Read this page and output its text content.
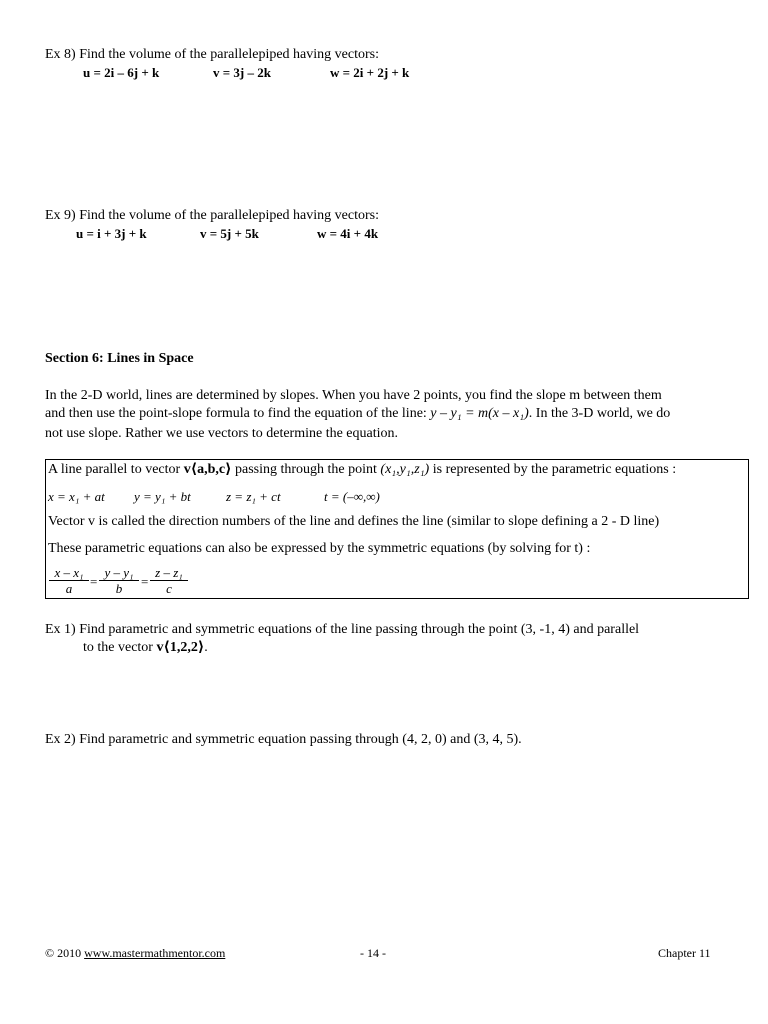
Ex 8) Find the volume of the parallelepiped having vectors:
u = 2i – 6j + k	v = 3j – 2k	w = 2i + 2j + k
Ex 9) Find the volume of the parallelepiped having vectors:
u = i + 3j + k	v = 5j + 5k	w = 4i + 4k
Section 6: Lines in Space
In the 2-D world, lines are determined by slopes. When you have 2 points, you find the slope m between them
and then use the point-slope formula to find the equation of the line: y – y₁ = m(x – x₁). In the 3-D world, we do
not use slope. Rather we use vectors to determine the equation.
A line parallel to vector v⟨a,b,c⟩ passing through the point (x₁,y₁,z₁) is represented by the parametric equations :
x = x₁ + at y = y₁ + bt	z = z₁ + ct	t = (–∞,∞)
Vector v is called the direction numbers of the line and defines the line (similar to slope defining a 2 - D line)
These parametric equations can also be expressed by the symmetric equations (by solving for t) :
$\frac{\text{x – x₁}}{a} = \frac{\text{y – y₁}}{b} = \frac{\text{z – z₁}}{c}$
Ex 1) Find parametric and symmetric equations of the line passing through the point (3, -1, 4) and parallel
to the vector v⟨1,2,2⟩.
Ex 2) Find parametric and symmetric equation passing through (4, 2, 0) and (3, 4, 5).
© 2010 www.mastermathmentor.com	- 14 -	Chapter 11
